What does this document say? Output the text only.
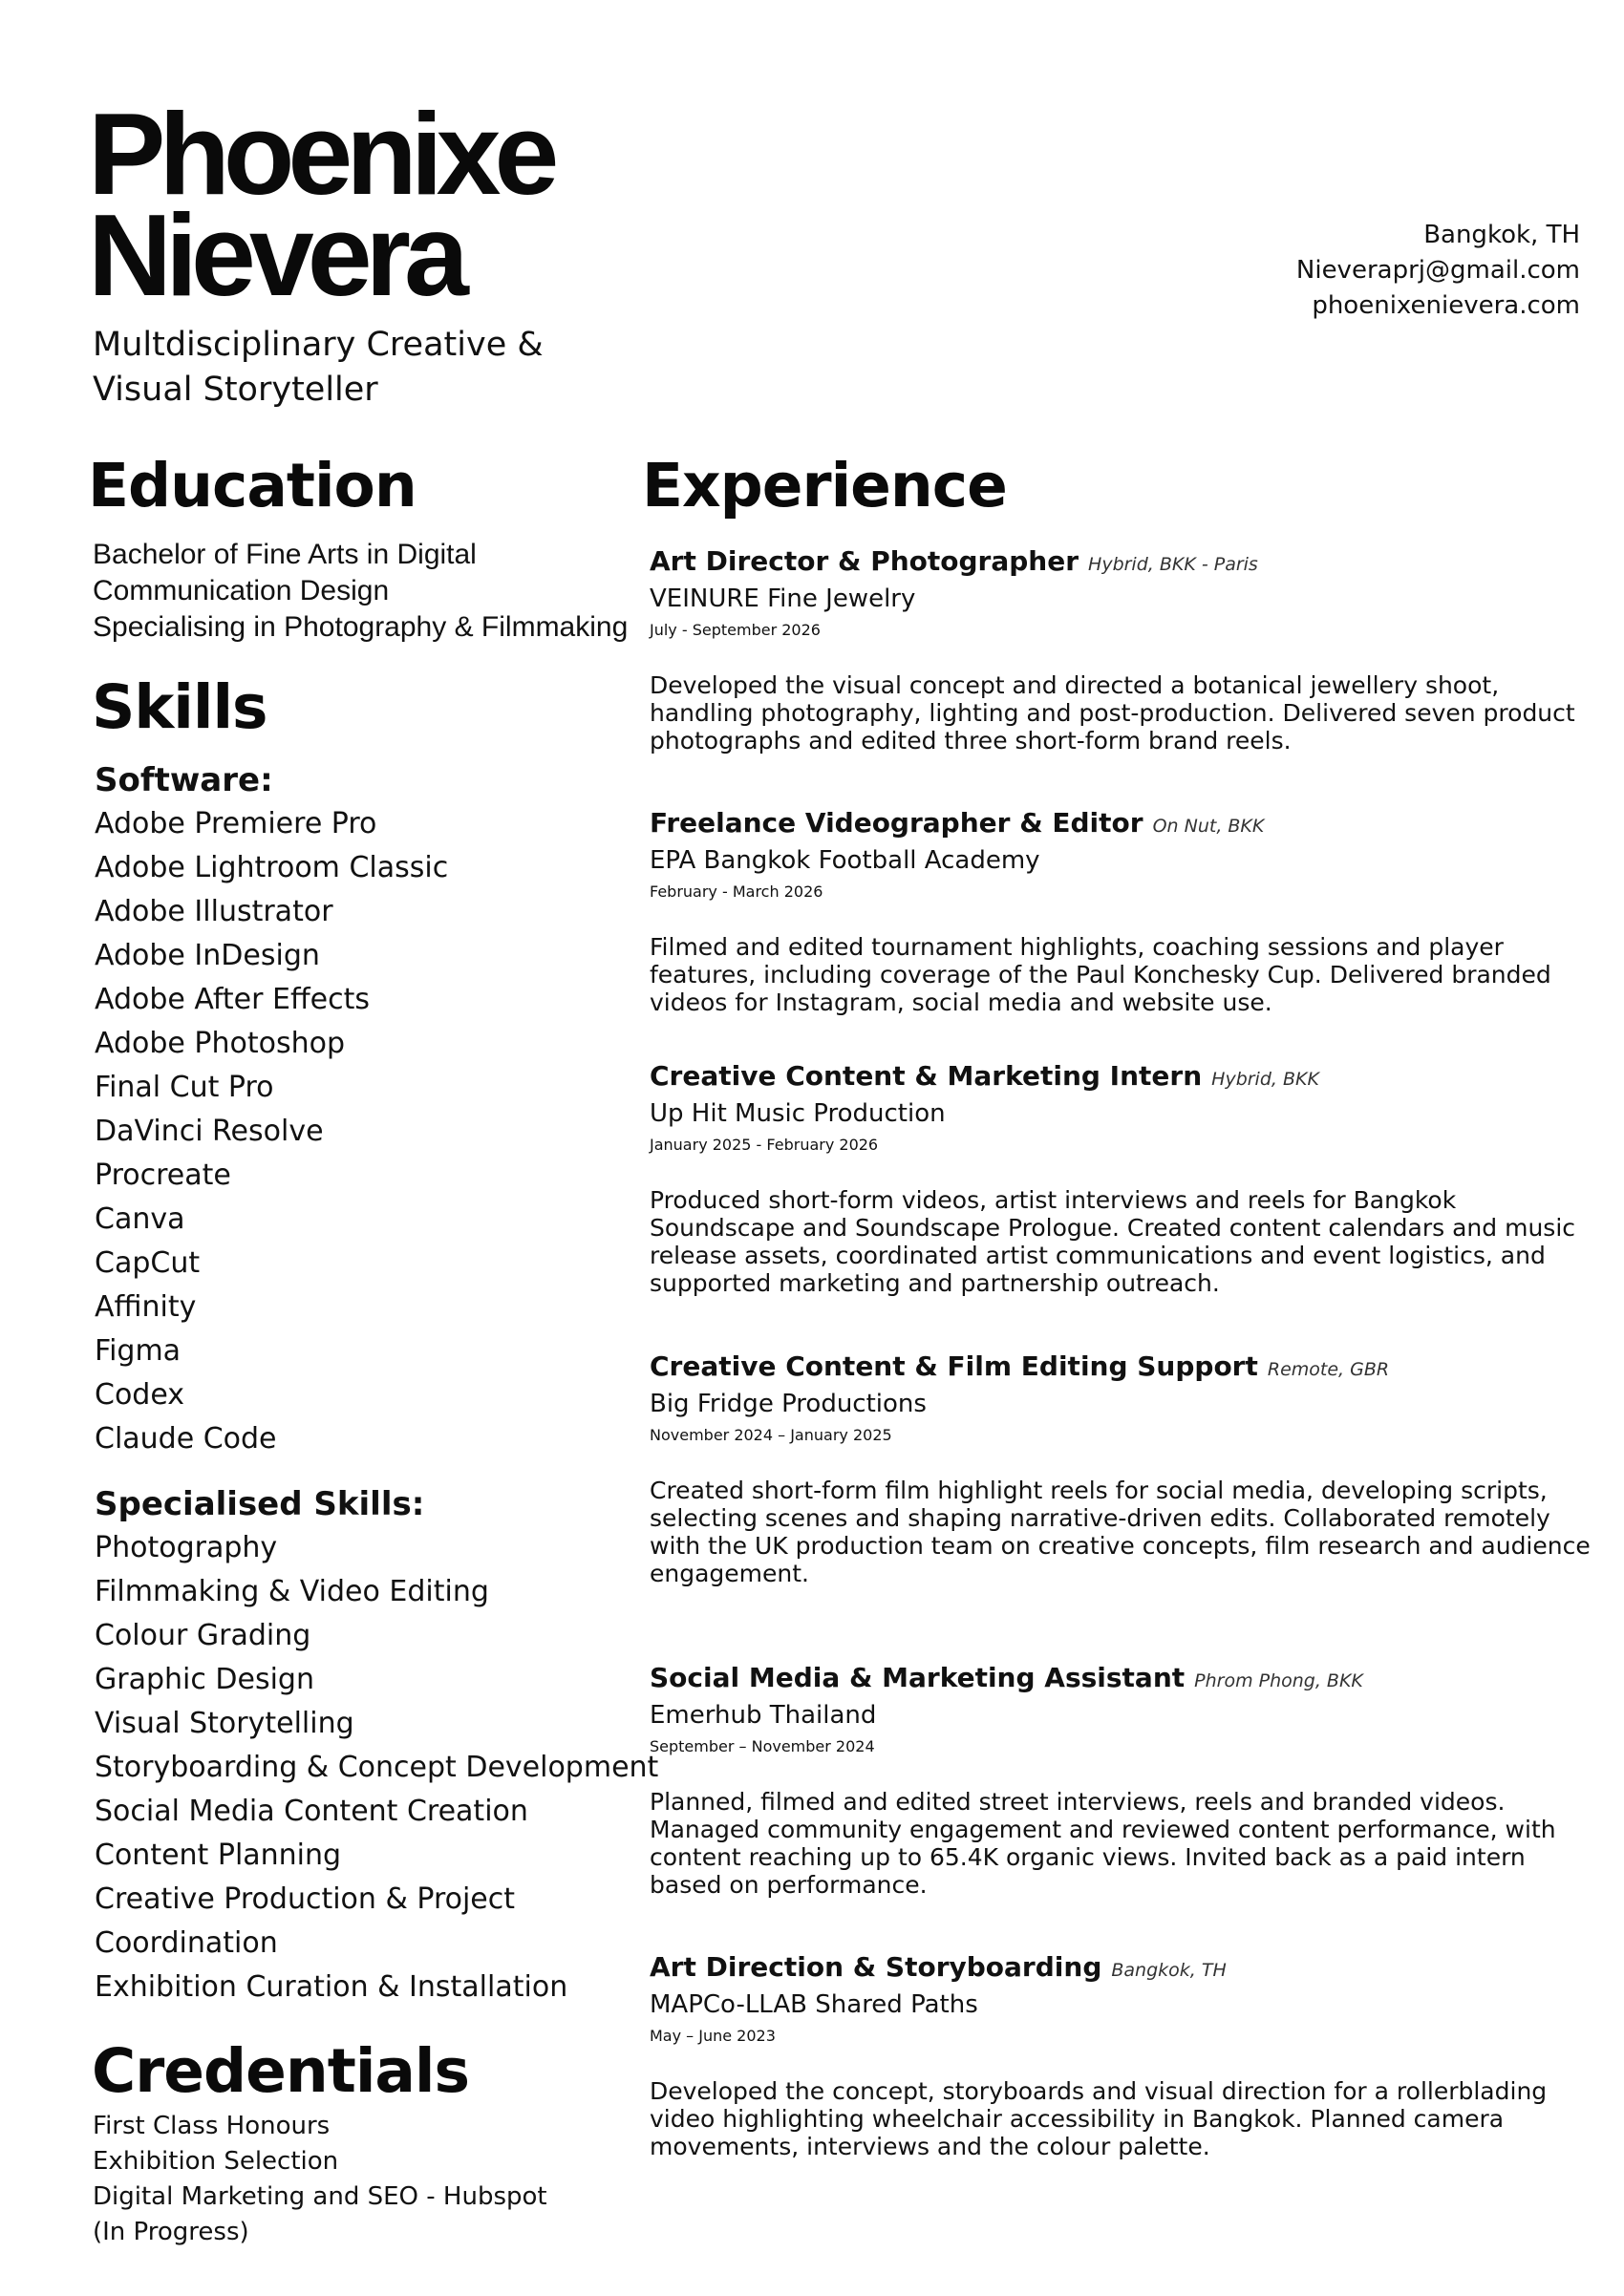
Phoenixe
Nievera
Multdisciplinary Creative &
Visual Storyteller
Bangkok, TH
Nieveraprj@gmail.com
phoenixenievera.com
Education
Bachelor of Fine Arts in Digital
Communication Design
Specialising in Photography & Filmmaking
Skills
Software:
Adobe Premiere Pro
Adobe Lightroom Classic
Adobe Illustrator
Adobe InDesign
Adobe After Effects
Adobe Photoshop
Final Cut Pro
DaVinci Resolve
Procreate
Canva
CapCut
Affinity
Figma
Codex
Claude Code
Specialised Skills:
Photography
Filmmaking & Video Editing
Colour Grading
Graphic Design
Visual Storytelling
Storyboarding & Concept Development
Social Media Content Creation
Content Planning
Creative Production & Project
Coordination
Exhibition Curation & Installation
Credentials
First Class Honours
Exhibition Selection
Digital Marketing and SEO - Hubspot
(In Progress)
Experience
Art Director & Photographer Hybrid, BKK - Paris
VEINURE Fine Jewelry
July - September 2026
Developed the visual concept and directed a botanical jewellery shoot, handling photography, lighting and post-production. Delivered seven product photographs and edited three short-form brand reels.
Freelance Videographer & Editor On Nut, BKK
EPA Bangkok Football Academy
February - March 2026
Filmed and edited tournament highlights, coaching sessions and player features, including coverage of the Paul Konchesky Cup. Delivered branded videos for Instagram, social media and website use.
Creative Content & Marketing Intern Hybrid, BKK
Up Hit Music Production
January 2025 - February 2026
Produced short-form videos, artist interviews and reels for Bangkok Soundscape and Soundscape Prologue. Created content calendars and music release assets, coordinated artist communications and event logistics, and supported marketing and partnership outreach.
Creative Content & Film Editing Support Remote, GBR
Big Fridge Productions
November 2024 – January 2025
Created short-form film highlight reels for social media, developing scripts, selecting scenes and shaping narrative-driven edits. Collaborated remotely with the UK production team on creative concepts, film research and audience engagement.
Social Media & Marketing Assistant Phrom Phong, BKK
Emerhub Thailand
September – November 2024
Planned, filmed and edited street interviews, reels and branded videos. Managed community engagement and reviewed content performance, with content reaching up to 65.4K organic views. Invited back as a paid intern based on performance.
Art Direction & Storyboarding Bangkok, TH
MAPCo-LLAB Shared Paths
May – June 2023
Developed the concept, storyboards and visual direction for a rollerblading video highlighting wheelchair accessibility in Bangkok. Planned camera movements, interviews and the colour palette.
